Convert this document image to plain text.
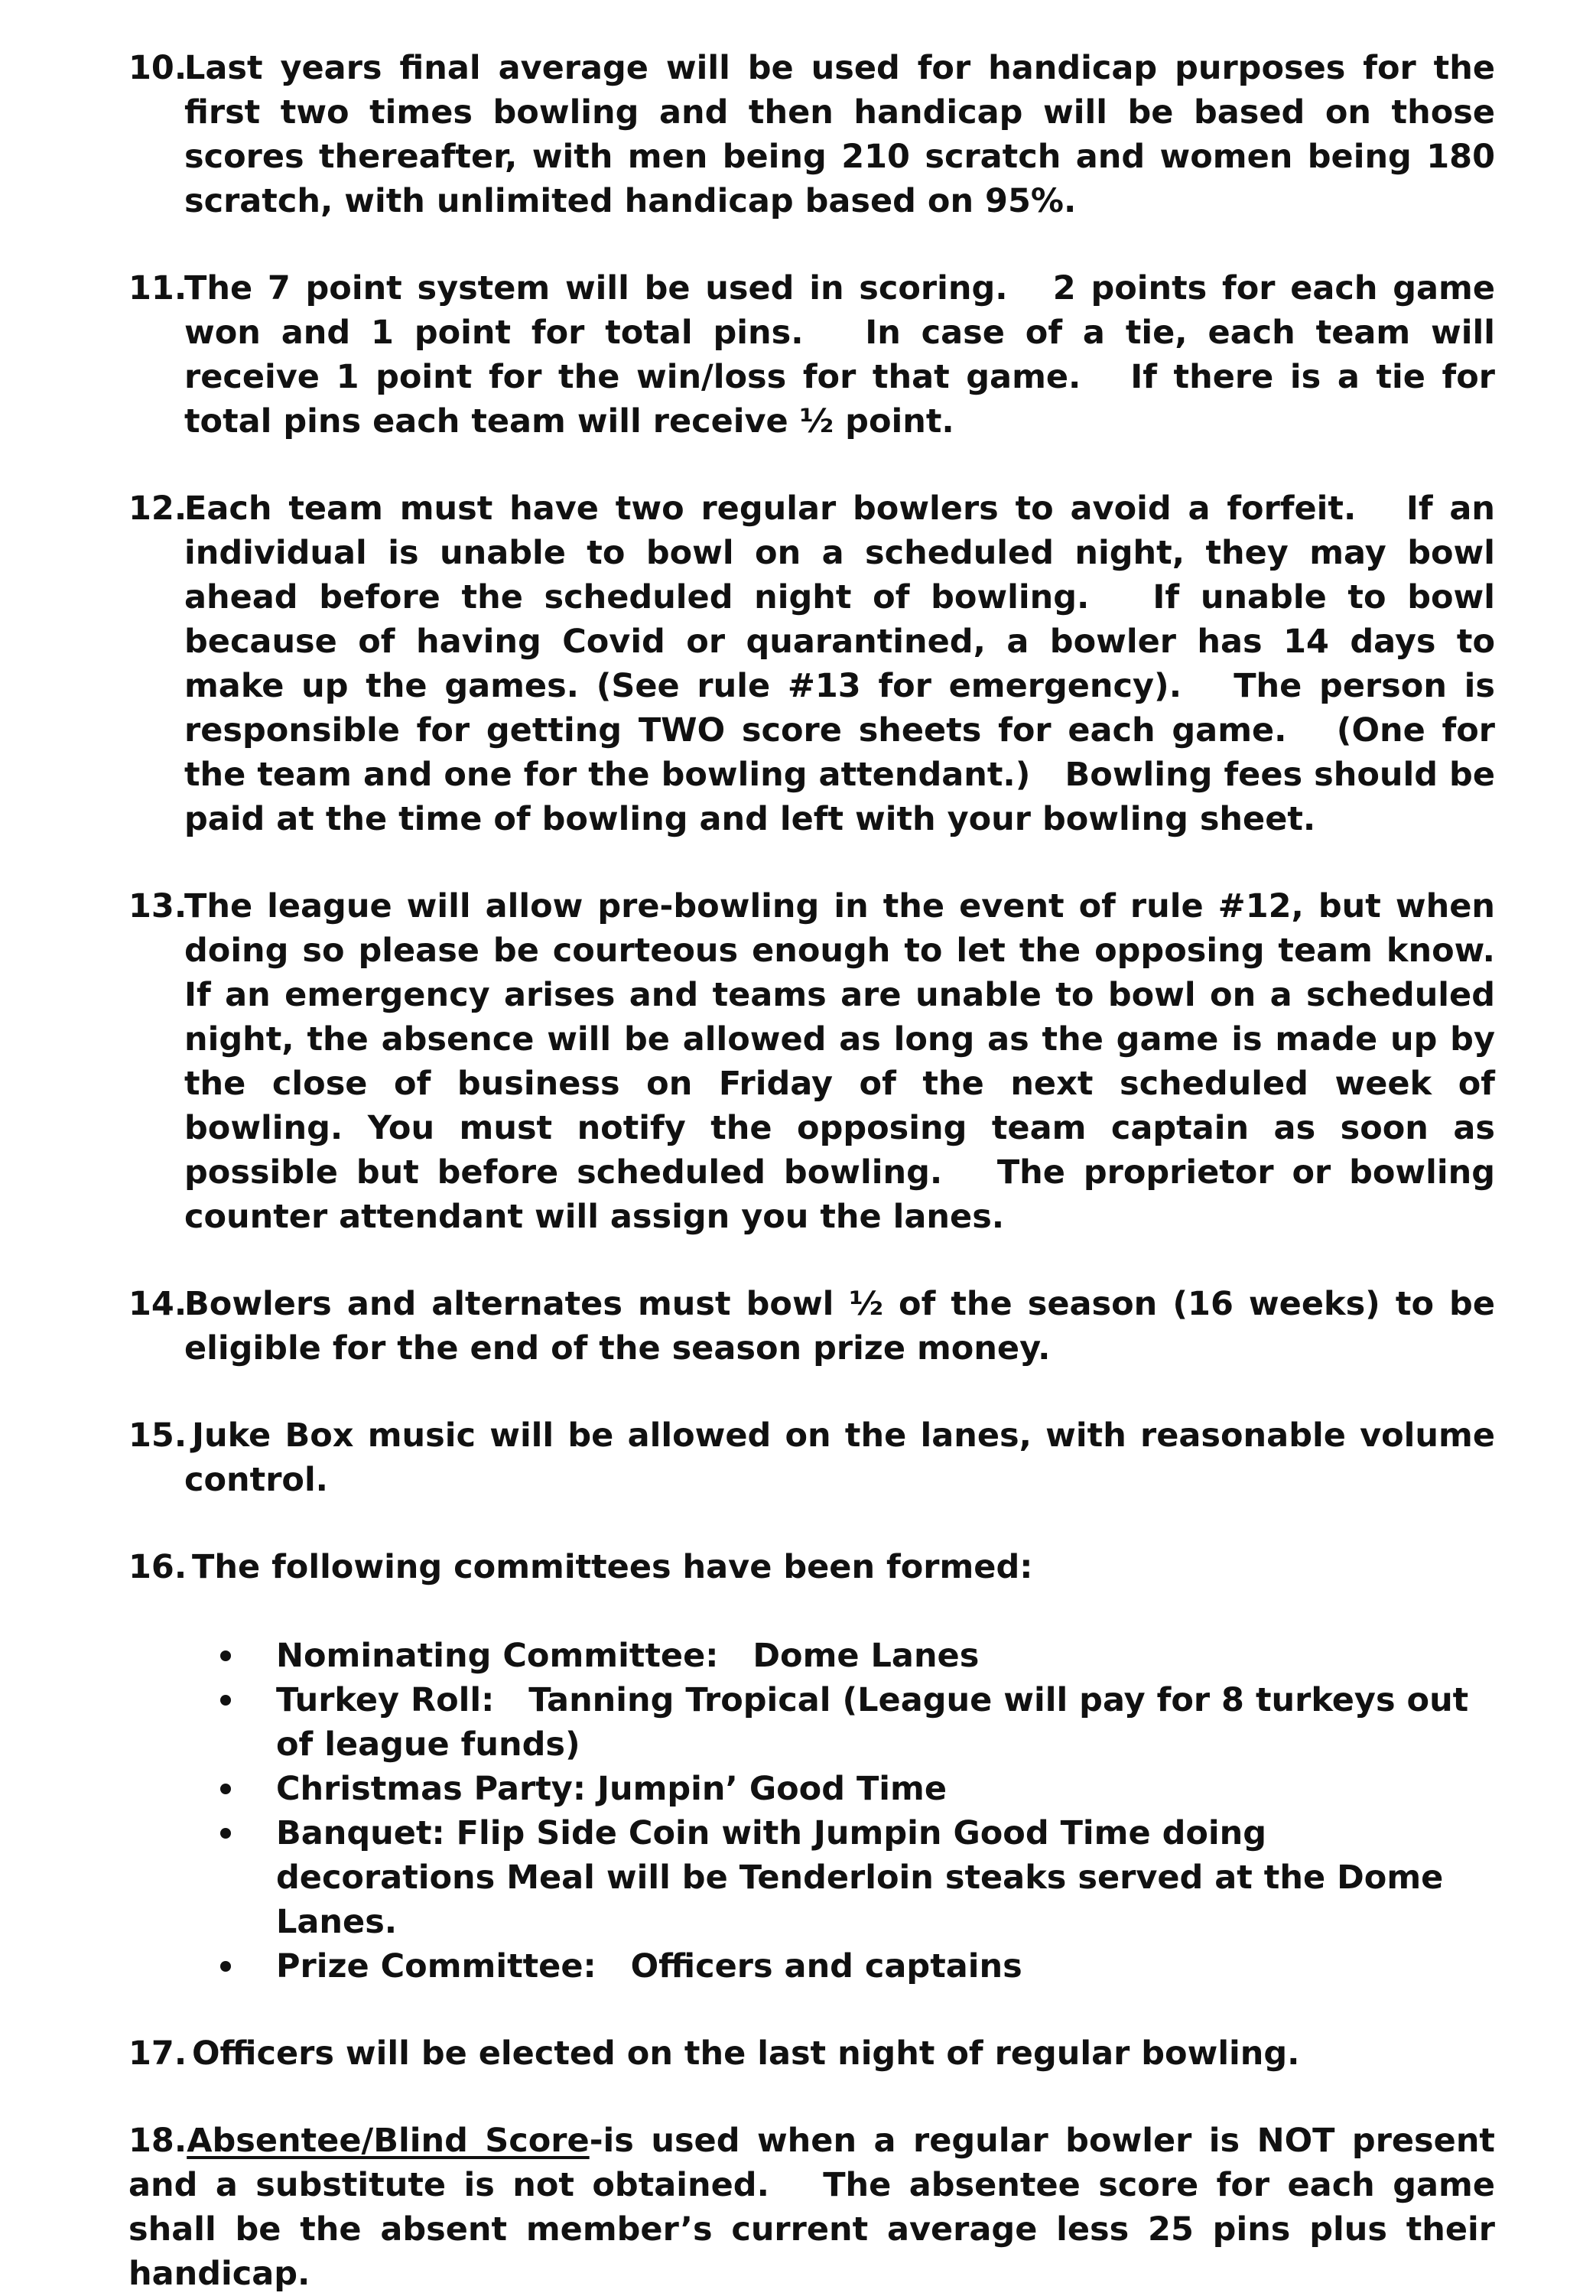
10.
Last years final average will be used for handicap purposes for the first two times bowling and then handicap will be based on those scores thereafter, with men being 210 scratch and women being 180 scratch, with unlimited handicap based on 95%.
11.
The 7 point system will be used in scoring.   2 points for each game won and 1 point for total pins.   In case of a tie, each team will receive 1 point for the win/loss for that game.   If there is a tie for total pins each team will receive ½ point.
12.
Each team must have two regular bowlers to avoid a forfeit.   If an individual is unable to bowl on a scheduled night, they may bowl ahead before the scheduled night of bowling.   If unable to bowl because of having Covid or quarantined, a bowler has 14 days to make up the games. (See rule #13 for emergency).   The person is responsible for getting TWO score sheets for each game.   (One for the team and one for the bowling attendant.)   Bowling fees should be paid at the time of bowling and left with your bowling sheet.
13.
The league will allow pre-bowling in the event of rule #12, but when doing so please be courteous enough to let the opposing team know.   If an emergency arises and teams are unable to bowl on a scheduled night, the absence will be allowed as long as the game is made up by the close of business on Friday of the next scheduled week of bowling. You must notify the opposing team captain as soon as possible but before scheduled bowling.   The proprietor or bowling counter attendant will assign you the lanes.
14.
Bowlers and alternates must bowl ½ of the season (16 weeks) to be eligible for the end of the season prize money.
15. Juke Box music will be allowed on the lanes, with reasonable volume control.
16. The following committees have been formed:
Nominating Committee:   Dome Lanes
Turkey Roll:   Tanning Tropical (League will pay for 8 turkeys out of league funds)
Christmas Party: Jumpin’ Good Time
Banquet: Flip Side Coin with Jumpin Good Time doing decorations Meal will be Tenderloin steaks served at the Dome Lanes.
Prize Committee:   Officers and captains
17. Officers will be elected on the last night of regular bowling.
18.Absentee/Blind Score-is used when a regular bowler is NOT present and a substitute is not obtained.   The absentee score for each game shall be the absent member’s current average less 25 pins plus their handicap.
